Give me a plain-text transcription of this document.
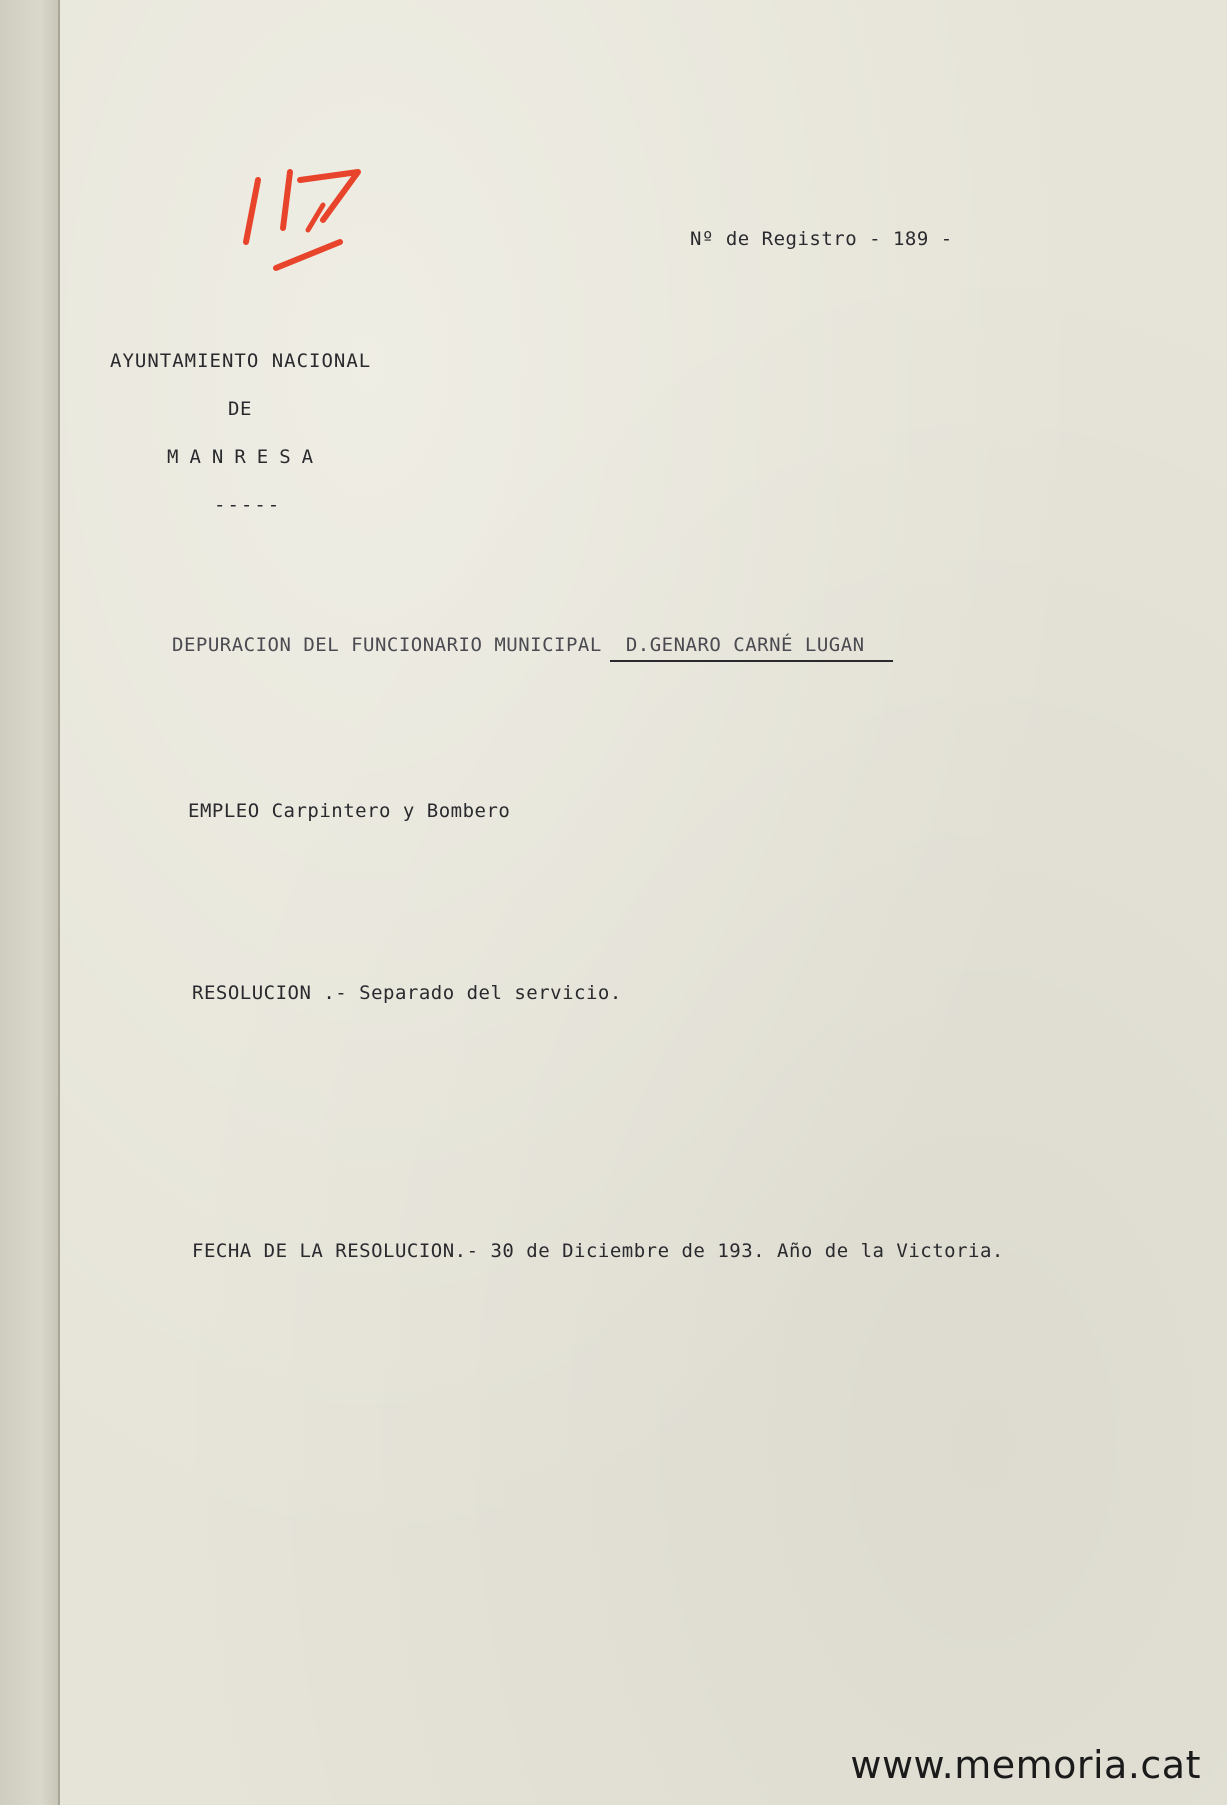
Nº de Registro - 189 -
AYUNTAMIENTO NACIONAL
DE
MANRESA
-----
DEPURACION DEL FUNCIONARIO MUNICIPAL D.GENARO CARNÉ LUGAN
EMPLEO Carpintero y Bombero
RESOLUCION .- Separado del servicio.
FECHA DE LA RESOLUCION.- 30 de Diciembre de 193. Año de la Victoria.
www.memoria.cat
